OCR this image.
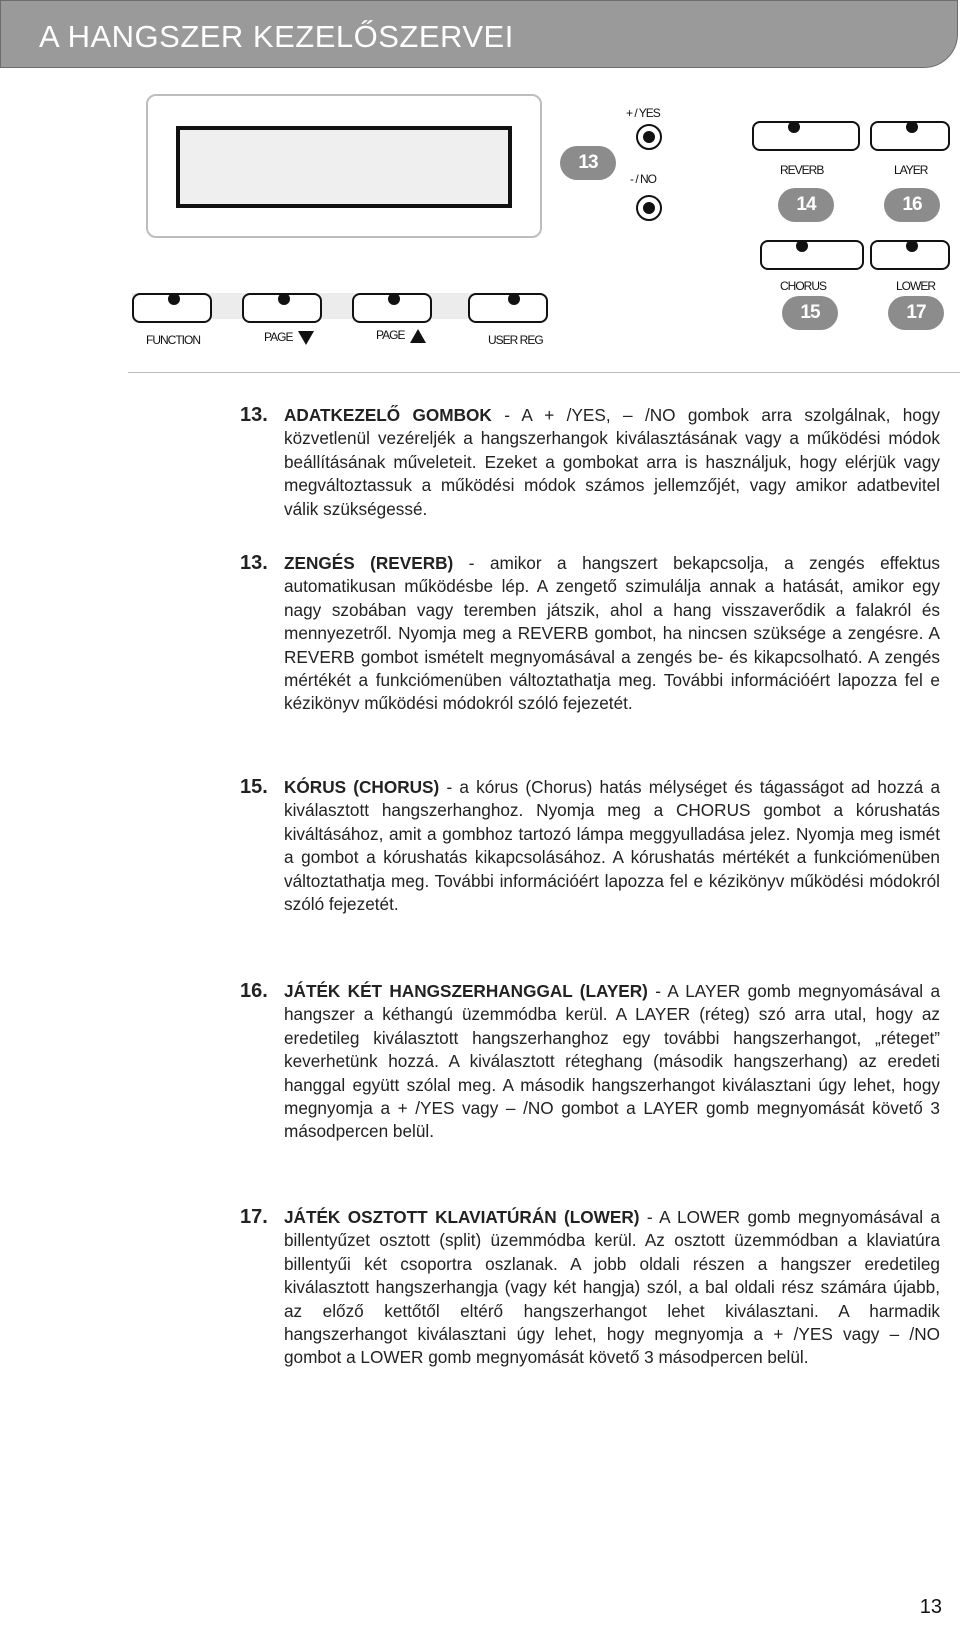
A HANGSZER KEZELŐSZERVEI
13
+ / YES
- / NO
REVERB
14
LAYER
16
CHORUS
15
LOWER
17
FUNCTION	PAGE	PAGE	USER REG
13. ADATKEZELŐ GOMBOK - A + /YES, – /NO gombok arra szolgálnak, hogy közvetlenül vezéreljék a hangszerhangok kiválasztásának vagy a működési módok beállításának műveleteit. Ezeket a gombokat arra is használjuk, hogy elérjük vagy megváltoztassuk a működési módok számos jellemzőjét, vagy amikor adatbevitel válik szükségessé.
13. ZENGÉS (REVERB) - amikor a hangszert bekapcsolja, a zengés effektus automatikusan működésbe lép. A zengető szimulálja annak a hatását, amikor egy nagy szobában vagy teremben játszik, ahol a hang visszaverődik a falakról és mennyezetről. Nyomja meg a REVERB gombot, ha nincsen szüksége a zengésre. A REVERB gombot ismételt megnyomásával a zengés be- és kikapcsolható. A zengés mértékét a funkciómenüben változtathatja meg. További információért lapozza fel e kézikönyv működési módokról szóló fejezetét.
15. KÓRUS (CHORUS) - a kórus (Chorus) hatás mélységet és tágasságot ad hozzá a kiválasztott hangszerhanghoz. Nyomja meg a CHORUS gombot a kórushatás kiváltásához, amit a gombhoz tartozó lámpa meggyulladása jelez. Nyomja meg ismét a gombot a kórushatás kikapcsolásához. A kórushatás mértékét a funkciómenüben változtathatja meg. További információért lapozza fel e kézikönyv működési módokról szóló fejezetét.
16. JÁTÉK KÉT HANGSZERHANGGAL (LAYER) - A LAYER gomb megnyomásával a hangszer a kéthangú üzemmódba kerül. A LAYER (réteg) szó arra utal, hogy az eredetileg kiválasztott hangszerhanghoz egy további hangszerhangot, „réteget” keverhetünk hozzá. A kiválasztott réteghang (második hangszerhang) az eredeti hanggal együtt szólal meg. A második hangszerhangot kiválasztani úgy lehet, hogy megnyomja a + /YES vagy – /NO gombot a LAYER gomb megnyomását követő 3 másodpercen belül.
17. JÁTÉK OSZTOTT KLAVIATÚRÁN (LOWER) - A LOWER gomb megnyomásával a billentyűzet osztott (split) üzemmódba kerül. Az osztott üzemmódban a klaviatúra billentyűi két csoportra oszlanak. A jobb oldali részen a hangszer eredetileg kiválasztott hangszerhangja (vagy két hangja) szól, a bal oldali rész számára újabb, az előző kettőtől eltérő hangszerhangot lehet kiválasztani. A harmadik hangszerhangot kiválasztani úgy lehet, hogy megnyomja a + /YES vagy – /NO gombot a LOWER gomb megnyomását követő 3 másodpercen belül.
13
